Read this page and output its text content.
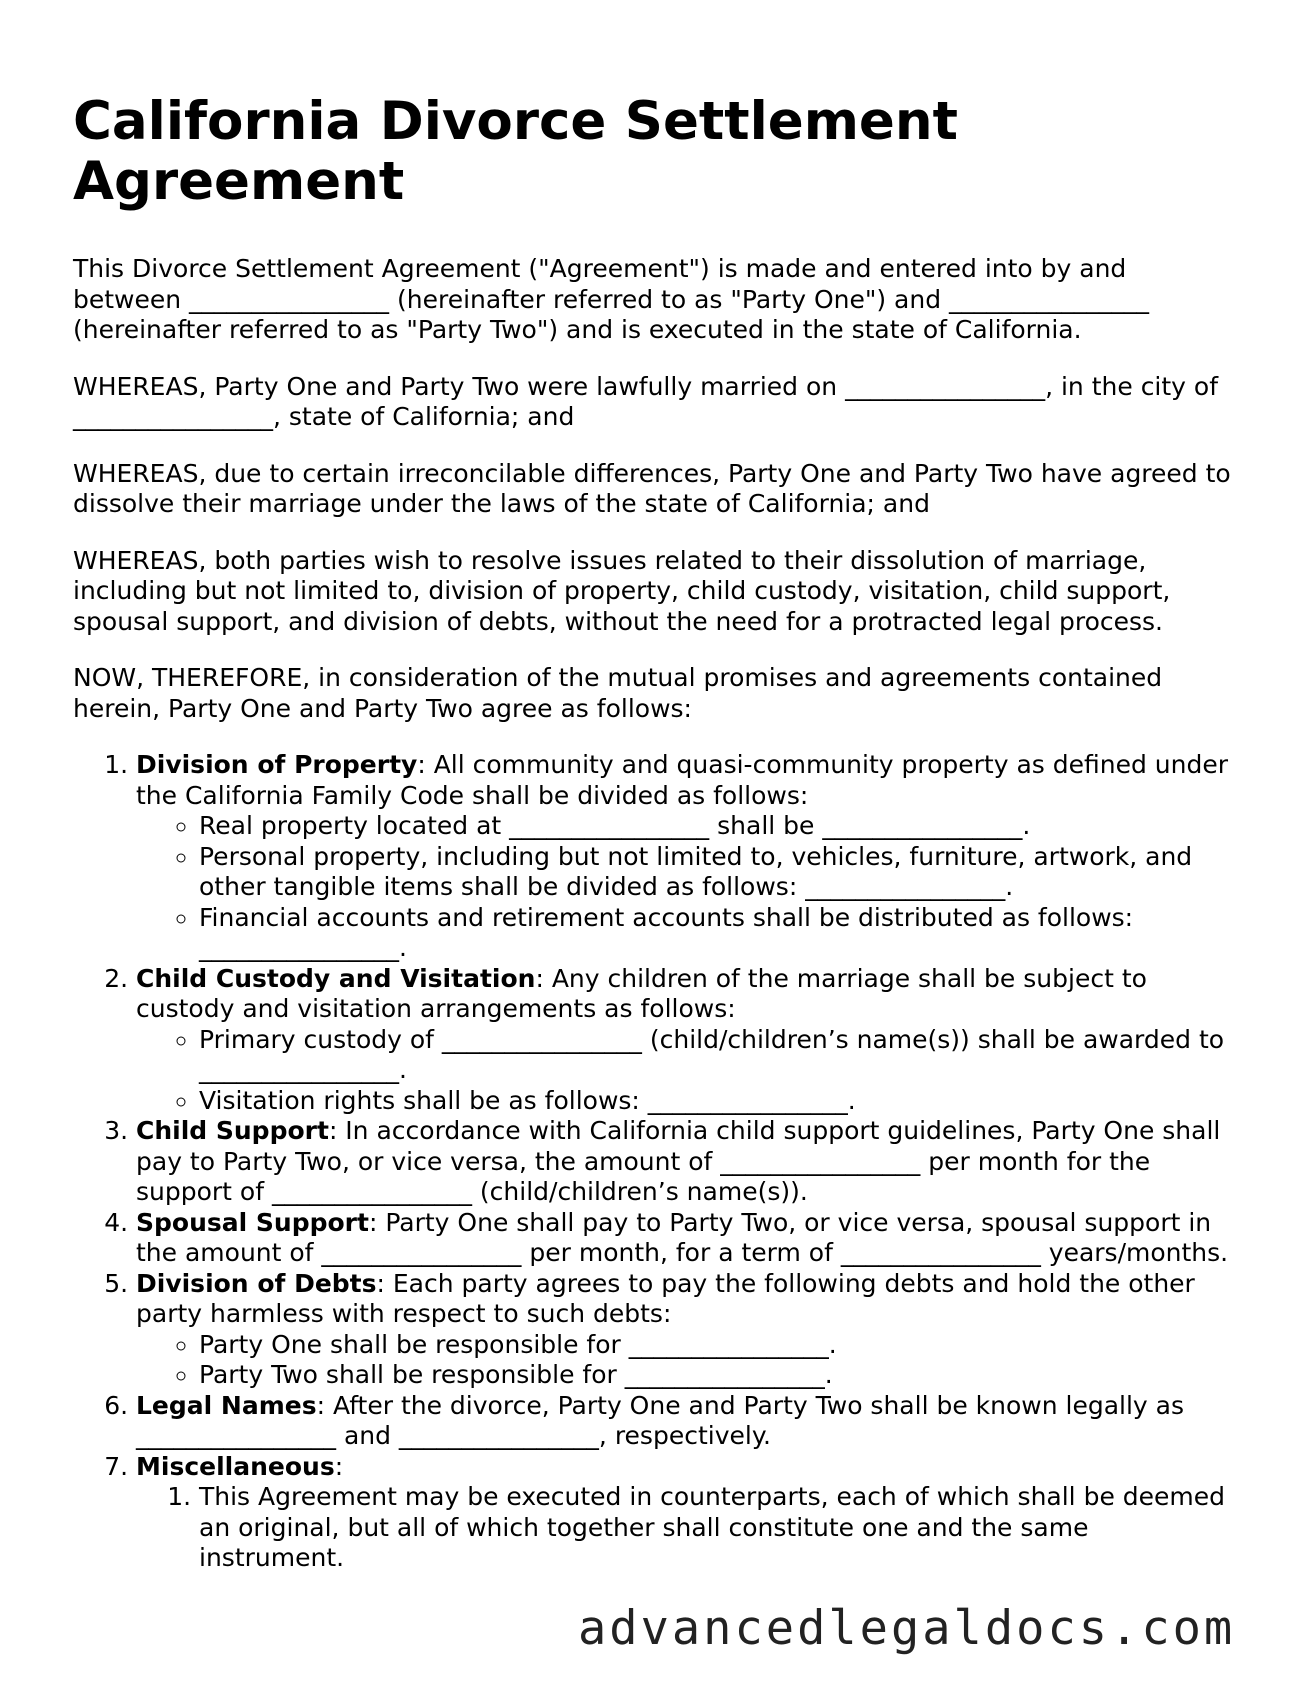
California Divorce Settlement Agreement

This Divorce Settlement Agreement ("Agreement") is made and entered into by and between ________________ (hereinafter referred to as "Party One") and ________________ (hereinafter referred to as "Party Two") and is executed in the state of California.

WHEREAS, Party One and Party Two were lawfully married on ________________, in the city of ________________, state of California; and

WHEREAS, due to certain irreconcilable differences, Party One and Party Two have agreed to dissolve their marriage under the laws of the state of California; and

WHEREAS, both parties wish to resolve issues related to their dissolution of marriage, including but not limited to, division of property, child custody, visitation, child support, spousal support, and division of debts, without the need for a protracted legal process.

NOW, THEREFORE, in consideration of the mutual promises and agreements contained herein, Party One and Party Two agree as follows:

1. Division of Property: All community and quasi-community property as defined under the California Family Code shall be divided as follows:
◦ Real property located at ________________ shall be ________________.
◦ Personal property, including but not limited to, vehicles, furniture, artwork, and other tangible items shall be divided as follows: ________________.
◦ Financial accounts and retirement accounts shall be distributed as follows: ________________.
2. Child Custody and Visitation: Any children of the marriage shall be subject to custody and visitation arrangements as follows:
◦ Primary custody of ________________ (child/children’s name(s)) shall be awarded to ________________.
◦ Visitation rights shall be as follows: ________________.
3. Child Support: In accordance with California child support guidelines, Party One shall pay to Party Two, or vice versa, the amount of ________________ per month for the support of ________________ (child/children’s name(s)).
4. Spousal Support: Party One shall pay to Party Two, or vice versa, spousal support in the amount of ________________ per month, for a term of ________________ years/months.
5. Division of Debts: Each party agrees to pay the following debts and hold the other party harmless with respect to such debts:
◦ Party One shall be responsible for ________________.
◦ Party Two shall be responsible for ________________.
6. Legal Names: After the divorce, Party One and Party Two shall be known legally as ________________ and ________________, respectively.
7. Miscellaneous:
1. This Agreement may be executed in counterparts, each of which shall be deemed an original, but all of which together shall constitute one and the same instrument.
advancedlegaldocs.com
